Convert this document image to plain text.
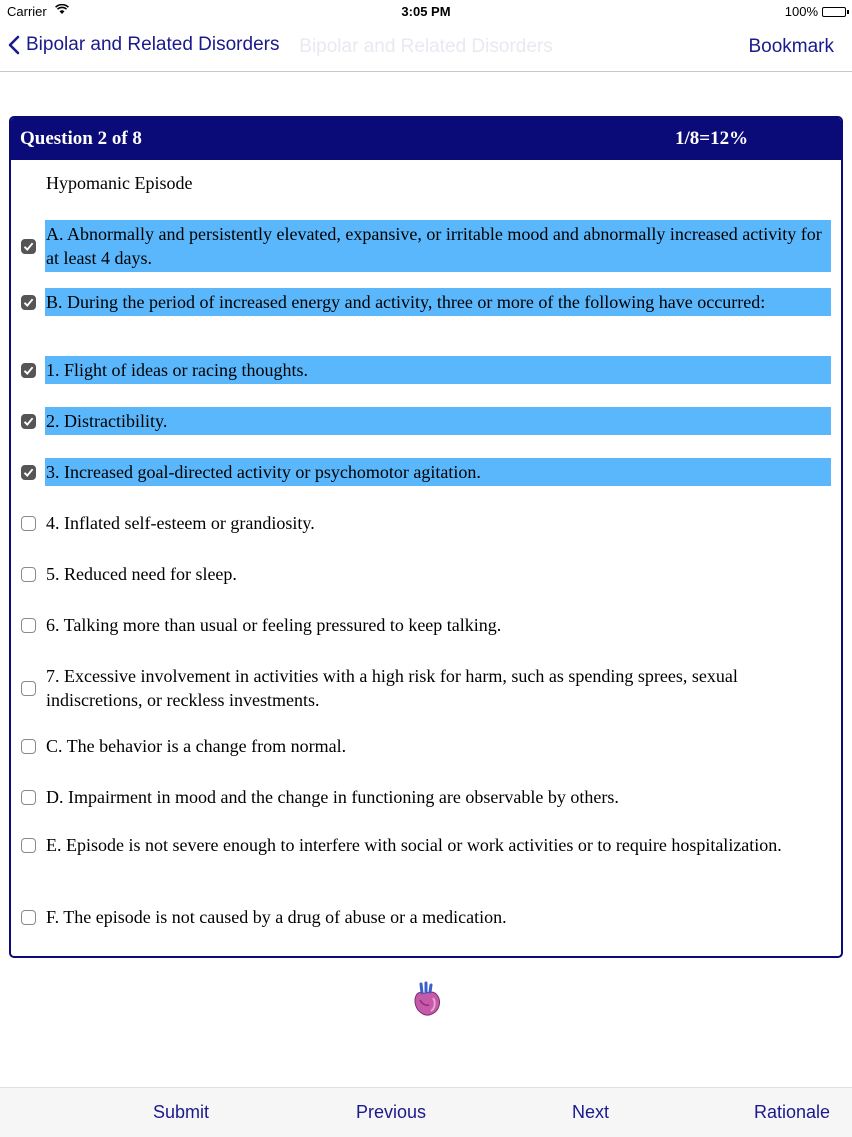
Carrier	3:05 PM	100%
Bipolar and Related Disorders	Bipolar and Related Disorders	Bookmark
Question 2 of 8	1/8=12%
Hypomanic Episode
A. Abnormally and persistently elevated, expansive, or irritable mood and abnormally increased activity for at least 4 days.
B. During the period of increased energy and activity, three or more of the following have occurred:
1. Flight of ideas or racing thoughts.
2. Distractibility.
3. Increased goal-directed activity or psychomotor agitation.
4. Inflated self-esteem or grandiosity.
5. Reduced need for sleep.
6. Talking more than usual or feeling pressured to keep talking.
7. Excessive involvement in activities with a high risk for harm, such as spending sprees, sexual indiscretions, or reckless investments.
C. The behavior is a change from normal.
D. Impairment in mood and the change in functioning are observable by others.
E. Episode is not severe enough to interfere with social or work activities or to require hospitalization.
F. The episode is not caused by a drug of abuse or a medication.
Submit	Previous	Next	Rationale
